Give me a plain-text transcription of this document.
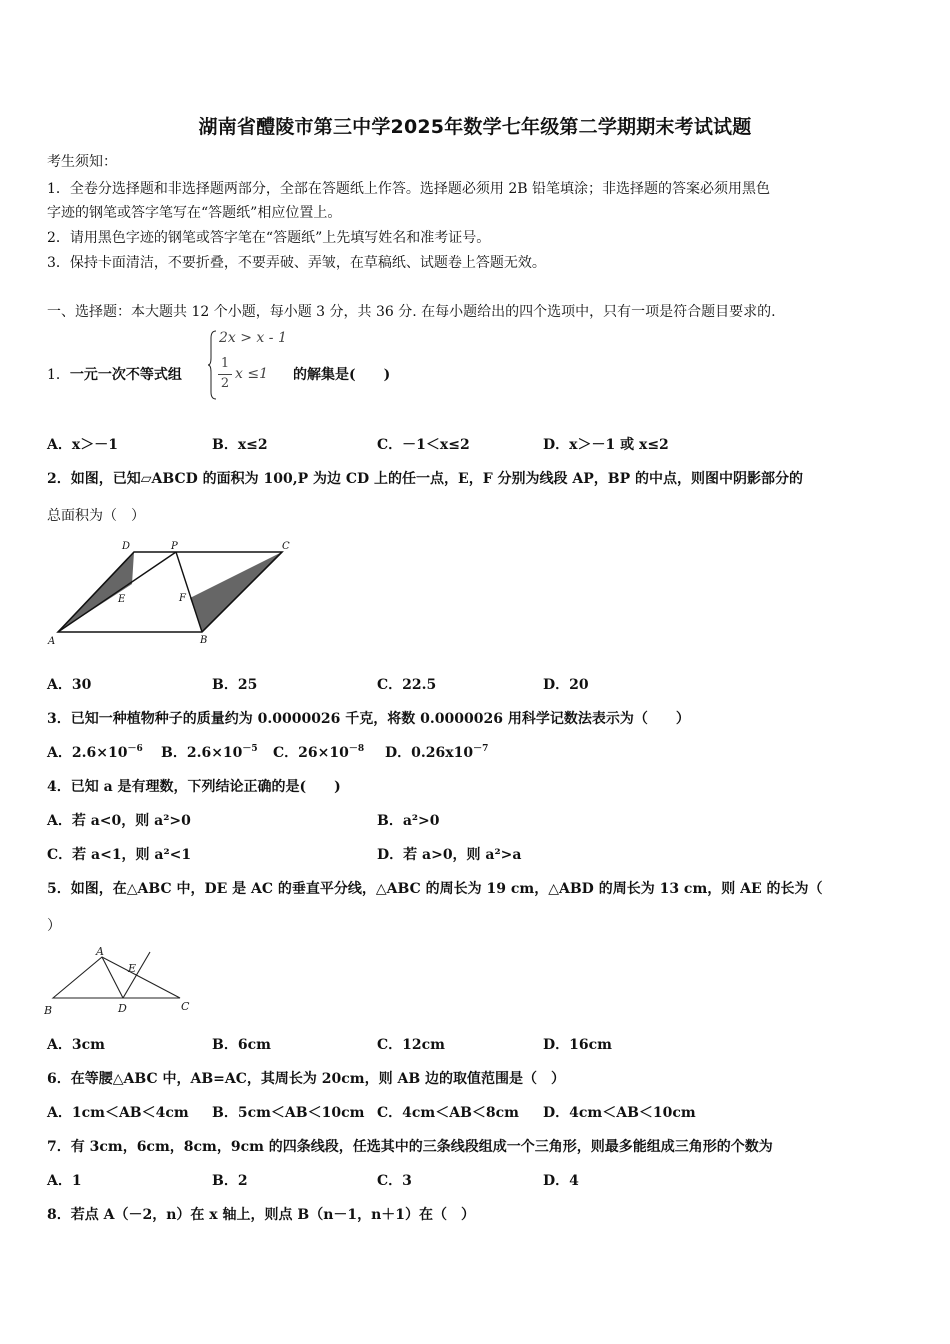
湖南省醴陵市第三中学2025年数学七年级第二学期期末考试试题
考生须知：
1．全卷分选择题和非选择题两部分，全部在答题纸上作答。选择题必须用 2B 铅笔填涂；非选择题的答案必须用黑色
字迹的钢笔或答字笔写在“答题纸”相应位置上。
2．请用黑色字迹的钢笔或答字笔在“答题纸”上先填写姓名和准考证号。
3．保持卡面清洁，不要折叠，不要弄破、弄皱，在草稿纸、试题卷上答题无效。
一、选择题：本大题共 12 个小题，每小题 3 分，共 36 分. 在每小题给出的四个选项中，只有一项是符合题目要求的.
1．一元一次不等式组
2x > x - 1
1
2
x ≤1 的解集是(　　)
A．x＞－1	B．x≤2	C．－1＜x≤2	D．x＞－1 或 x≤2
2．如图，已知▱ABCD 的面积为 100,P 为边 CD 上的任一点，E，F 分别为线段 AP，BP 的中点，则图中阴影部分的
总面积为（　）
D	P	C
E	F
A	B
A．30	B．25	C．22.5	D．20
3．已知一种植物种子的质量约为 0.0000026 千克，将数 0.0000026 用科学记数法表示为（　　）
A．$2.6\times 10^{-6}$ B．$2.6\times 10^{-5}$ C．$26\times 10^{-8}$ D．$0.26x10^{-7}$
4．已知 a 是有理数，下列结论正确的是(　　)
A．若 a<0，则 a²>0	B．a²>0
C．若 a<1，则 a²<1	D．若 a>0，则 a²>a
5．如图，在△ABC 中，DE 是 AC 的垂直平分线，△ABC 的周长为 19 cm，△ABD 的周长为 13 cm，则 AE 的长为（
）
A
E
B	D	C
A．3cm	B．6cm	C．12cm	D．16cm
6．在等腰△ABC 中，AB=AC，其周长为 20cm，则 AB 边的取值范围是（　）
A．1cm＜AB＜4cm B．5cm＜AB＜10cm C．4cm＜AB＜8cm D．4cm＜AB＜10cm
7．有 3cm，6cm，8cm，9cm 的四条线段，任选其中的三条线段组成一个三角形，则最多能组成三角形的个数为
A．1	B．2	C．3	D．4
8．若点 A（－2，n）在 x 轴上，则点 B（n－1，n＋1）在（　）
